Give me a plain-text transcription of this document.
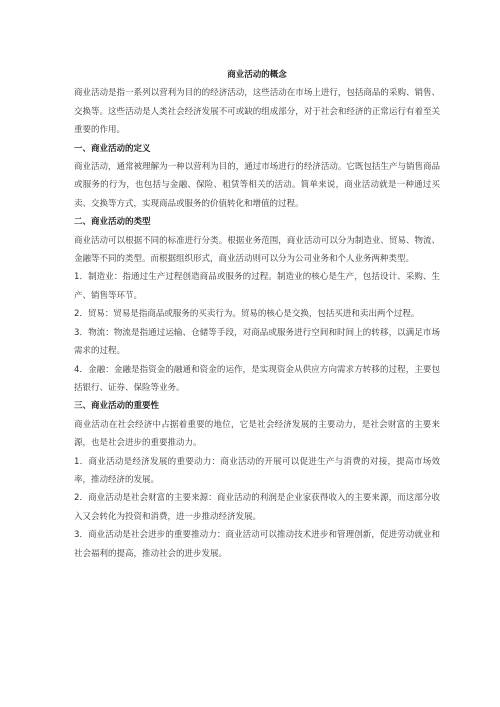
商业活动的概念

商业活动是指一系列以营利为目的的经济活动，这些活动在市场上进行，包括商品的采购、销售、交换等。这些活动是人类社会经济发展不可或缺的组成部分，对于社会和经济的正常运行有着至关重要的作用。

一、商业活动的定义

商业活动，通常被理解为一种以营利为目的，通过市场进行的经济活动。它既包括生产与销售商品或服务的行为，也包括与金融、保险、租赁等相关的活动。简单来说，商业活动就是一种通过买卖、交换等方式，实现商品或服务的价值转化和增值的过程。

二、商业活动的类型

商业活动可以根据不同的标准进行分类。根据业务范围，商业活动可以分为制造业、贸易、物流、金融等不同的类型。而根据组织形式，商业活动则可以分为公司业务和个人业务两种类型。

1．制造业：指通过生产过程创造商品或服务的过程。制造业的核心是生产，包括设计、采购、生产、销售等环节。

2．贸易：贸易是指商品或服务的买卖行为。贸易的核心是交换，包括买进和卖出两个过程。

3．物流：物流是指通过运输、仓储等手段，对商品或服务进行空间和时间上的转移，以满足市场需求的过程。

4．金融：金融是指资金的融通和资金的运作，是实现资金从供应方向需求方转移的过程，主要包括银行、证券、保险等业务。

三、商业活动的重要性

商业活动在社会经济中占据着重要的地位，它是社会经济发展的主要动力，是社会财富的主要来源，也是社会进步的重要推动力。

1．商业活动是经济发展的重要动力：商业活动的开展可以促进生产与消费的对接，提高市场效率，推动经济的发展。

2．商业活动是社会财富的主要来源：商业活动的利润是企业家获得收入的主要来源，而这部分收入又会转化为投资和消费，进一步推动经济发展。

3．商业活动是社会进步的重要推动力：商业活动可以推动技术进步和管理创新，促进劳动就业和社会福利的提高，推动社会的进步发展。
